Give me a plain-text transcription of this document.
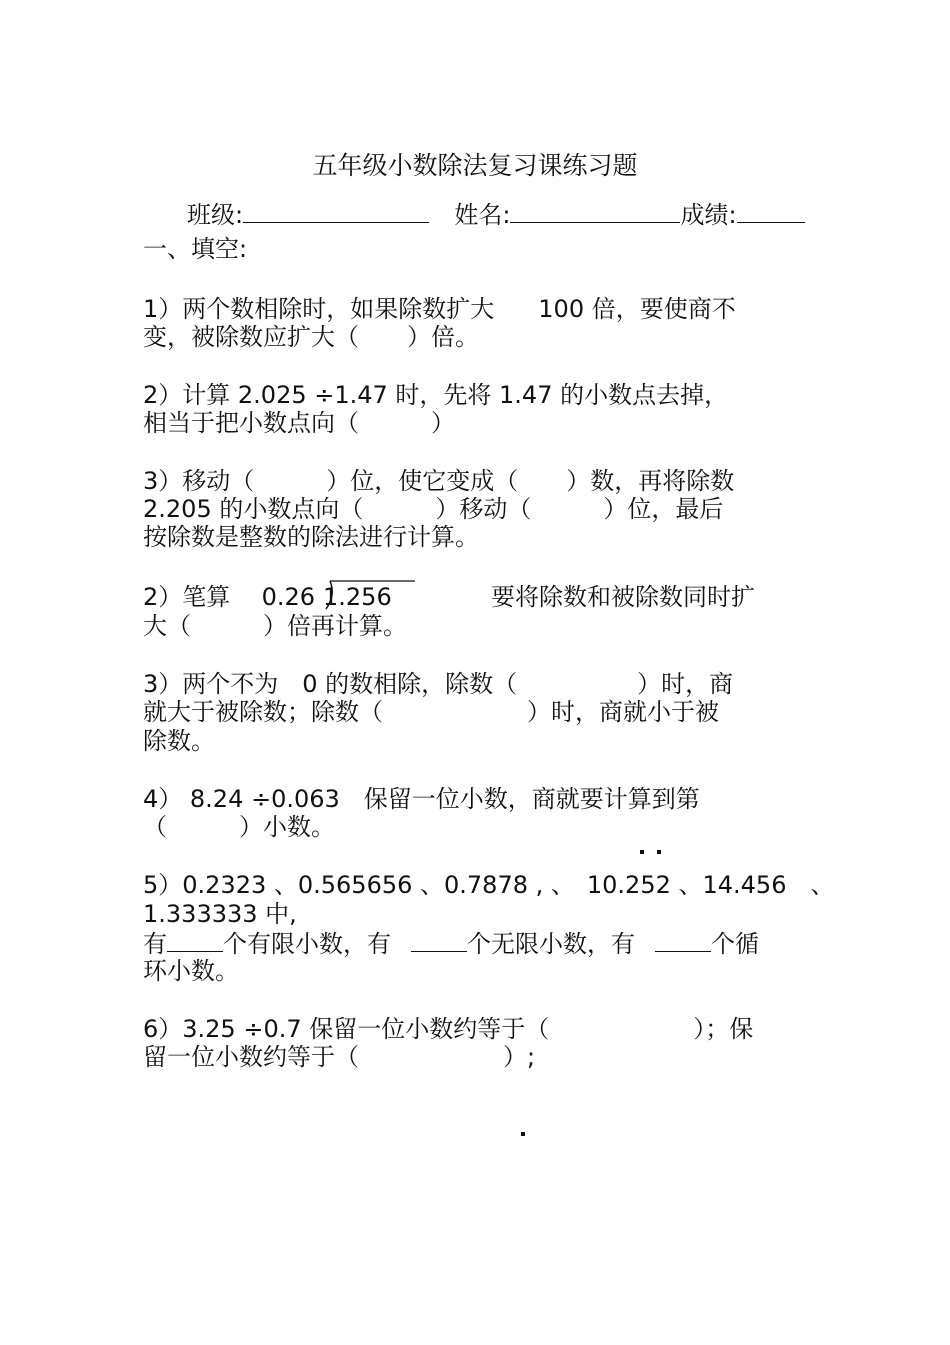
五年级小数除法复习课练习题
班级:	姓名:	成绩:
一、填空:
1）两个数相除时，如果除数扩大 100 倍，要使商不
变，被除数应扩大（　　）倍。
2）计算 2.025 ÷1.47 时，先将 1.47 的小数点去掉，
相当于把小数点向（　　　）
3）移动（　　　）位，使它变成（　　）数，再将除数
2.205 的小数点向（　　　）移动（　　　）位，最后
按除数是整数的除法进行计算。
2）笔算 0.26 1.256	要将除数和被除数同时扩
大（　　　）倍再计算。
3）两个不为　0 的数相除，除数（　　　　　）时，商
就大于被除数；除数（　　　　　　）时，商就小于被
除数。
4） 8.24 ÷0.063　保留一位小数，商就要计算到第
（　　　）小数。
5）0.2323 、0.565656 、0.7878 , 、　10.252 、14.456　、
1.333333 中,
有 个有限小数，有	个无限小数，有	个循
环小数。
6）3.25 ÷0.7 保留一位小数约等于（　　　　　　）；保
留一位小数约等于（　　　　　　）;
